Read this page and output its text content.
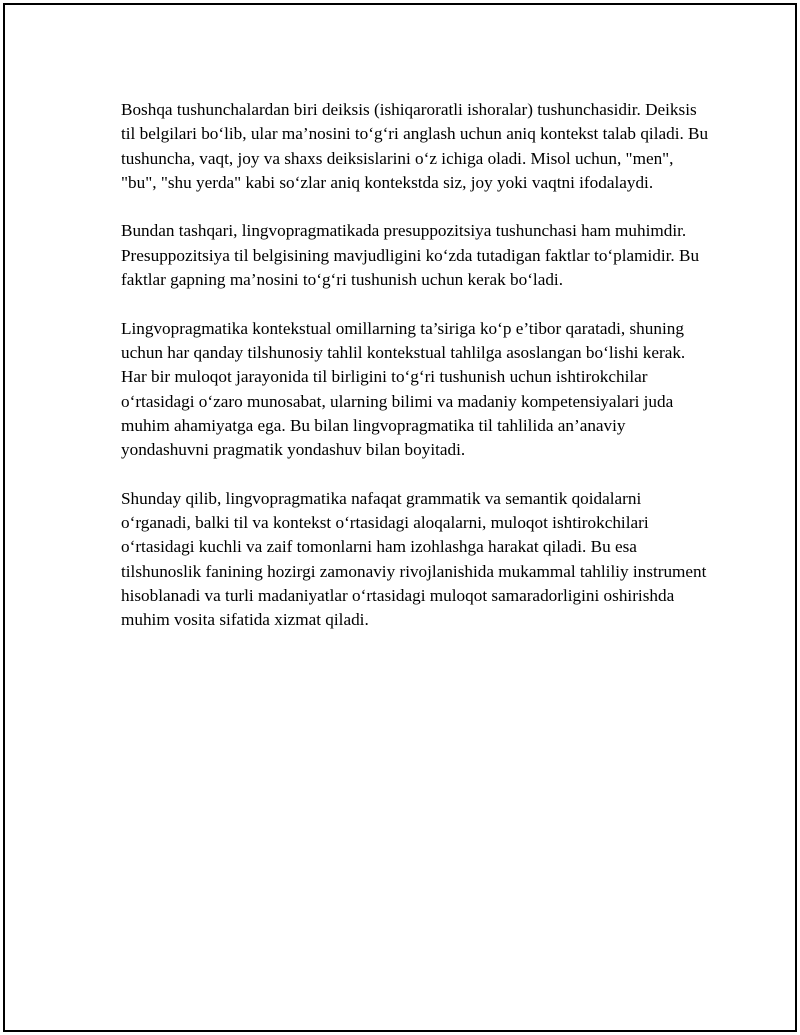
Boshqa tushunchalardan biri deiksis (ishiqaroratli ishoralar) tushunchasidir. Deiksis til belgilari bo‘lib, ular ma’nosini to‘g‘ri anglash uchun aniq kontekst talab qiladi. Bu tushuncha, vaqt, joy va shaxs deiksislarini o‘z ichiga oladi. Misol uchun, "men", "bu", "shu yerda" kabi so‘zlar aniq kontekstda siz, joy yoki vaqtni ifodalaydi.

Bundan tashqari, lingvopragmatikada presuppozitsiya tushunchasi ham muhimdir. Presuppozitsiya til belgisining mavjudligini ko‘zda tutadigan faktlar to‘plamidir. Bu faktlar gapning ma’nosini to‘g‘ri tushunish uchun kerak bo‘ladi.

Lingvopragmatika kontekstual omillarning ta’siriga ko‘p e’tibor qaratadi, shuning uchun har qanday tilshunosiy tahlil kontekstual tahlilga asoslangan bo‘lishi kerak. Har bir muloqot jarayonida til birligini to‘g‘ri tushunish uchun ishtirokchilar o‘rtasidagi o‘zaro munosabat, ularning bilimi va madaniy kompetensiyalari juda muhim ahamiyatga ega. Bu bilan lingvopragmatika til tahlilida an’anaviy yondashuvni pragmatik yondashuv bilan boyitadi.

Shunday qilib, lingvopragmatika nafaqat grammatik va semantik qoidalarni o‘rganadi, balki til va kontekst o‘rtasidagi aloqalarni, muloqot ishtirokchilari o‘rtasidagi kuchli va zaif tomonlarni ham izohlashga harakat qiladi. Bu esa tilshunoslik fanining hozirgi zamonaviy rivojlanishida mukammal tahliliy instrument hisoblanadi va turli madaniyatlar o‘rtasidagi muloqot samaradorligini oshirishda muhim vosita sifatida xizmat qiladi.
